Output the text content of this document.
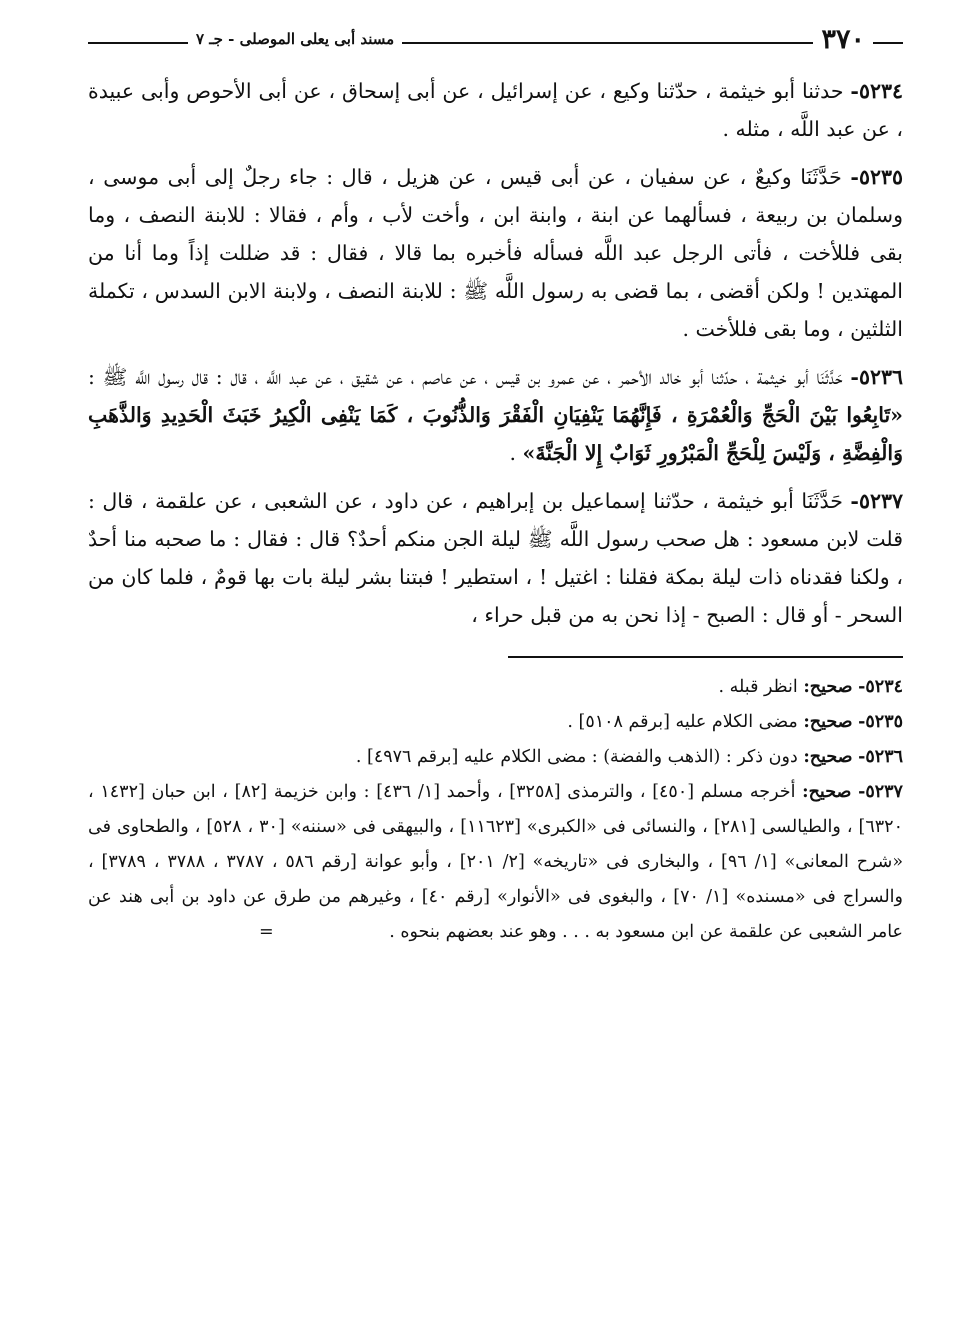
٣٧٠
مسند أبى يعلى الموصلى - جـ ٧

٥٢٣٤- حدثنا أبو خيثمة ، حدّثنا وكيع ، عن إسرائيل ، عن أبى إسحاق ، عن أبى الأحوص وأبى عبيدة ، عن عبد اللَّه ، مثله .

٥٢٣٥- حَدَّثَنَا وكيعٌ ، عن سفيان ، عن أبى قيس ، عن هزيل ، قال : جاء رجلٌ إلى أبى موسى ، وسلمان بن ربيعة ، فسألهما عن ابنة ، وابنة ابن ، وأخت لأب ، وأم ، فقالا : للابنة النصف ، وما بقى فللأخت ، فأتى الرجل عبد اللَّه فسأله فأخبره بما قالا ، فقال : قد ضللت إذاً وما أنا من المهتدين ! ولكن أقضى ، بما قضى به رسول اللَّه ﷺ : للابنة النصف ، ولابنة الابن السدس ، تكملة الثلثين ، وما بقى فللأخت .

٥٢٣٦- حَدَّثَنَا أبو خيثمة ، حدّثنا أبو خالد الأحمر ، عن عمرو بن قيس ، عن عاصم ، عن شقيق ، عن عبد اللَّه ، قال : قال رسول اللَّه ﷺ : «تَابِعُوا بَيْنَ الْحَجِّ وَالْعُمْرَةِ ، فَإِنَّهُمَا يَنْفِيَانِ الْفَقْرَ وَالذُّنُوبَ ، كَمَا يَنْفِى الْكِيرُ خَبَثَ الْحَدِيدِ وَالذَّهَبِ وَالْفِضَّةِ ، وَلَيْسَ لِلْحَجِّ الْمَبْرُورِ ثَوَابٌ إِلا الْجَنَّةَ» .

٥٢٣٧- حَدَّثَنَا أبو خيثمة ، حدّثنا إسماعيل بن إبراهيم ، عن داود ، عن الشعبى ، عن علقمة ، قال : قلت لابن مسعود : هل صحب رسول اللَّه ﷺ ليلة الجن منكم أحدٌ؟ قال : فقال : ما صحبه منا أحدٌ ، ولكنا فقدناه ذات ليلة بمكة فقلنا : اغتيل ! ، استطير ! فبتنا بشر ليلة بات بها قومٌ ، فلما كان من السحر - أو قال : الصبح - إذا نحن به من قبل حراء ،

٥٢٣٤- صحيح: انظر قبله .

٥٢٣٥- صحيح: مضى الكلام عليه [برقم ٥١٠٨] .

٥٢٣٦- صحيح: دون ذكر : (الذهب والفضة) : مضى الكلام عليه [برقم ٤٩٧٦] .

٥٢٣٧- صحيح: أخرجه مسلم [٤٥٠] ، والترمذى [٣٢٥٨] ، وأحمد [١/ ٤٣٦] : وابن خزيمة [٨٢] ، ابن حبان [١٤٣٢ ، ٦٣٢٠] ، والطيالسى [٢٨١] ، والنسائى فى «الكبرى» [١١٦٢٣] ، والبيهقى فى «سننه» [٣٠ ، ٥٢٨] ، والطحاوى فى «شرح المعانى» [١/ ٩٦] ، والبخارى فى «تاريخه» [٢/ ٢٠١] ، وأبو عوانة [رقم ٥٨٦ ، ٣٧٨٧ ، ٣٧٨٨ ، ٣٧٨٩] ، والسراج فى «مسنده» [١/ ٧٠] ، والبغوى فى «الأنوار» [رقم ٤٠] ، وغيرهم من طرق عن داود بن أبى هند عن عامر الشعبى عن علقمة عن ابن مسعود به . . . وهو عند بعضهم بنحوه . =
